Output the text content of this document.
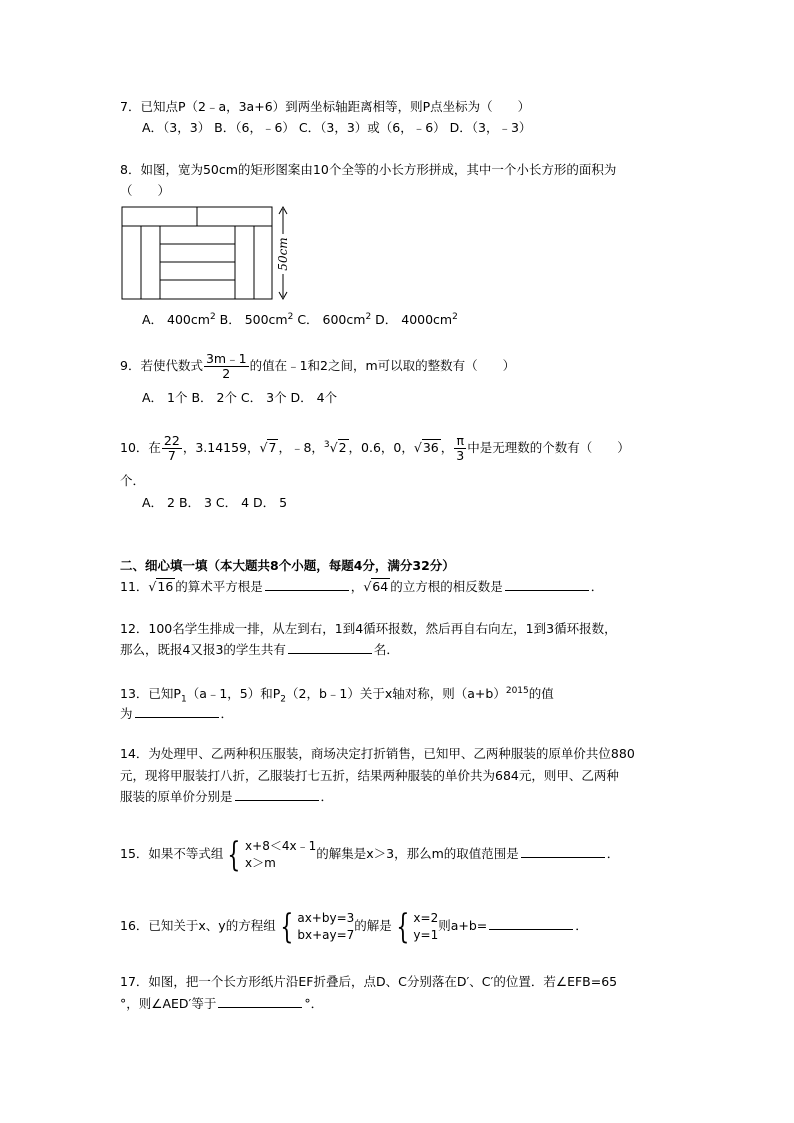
7．已知点P（2﹣a，3a+6）到两坐标轴距离相等，则P点坐标为（　　）
A．（3，3） B．（6，﹣6） C．（3，3）或（6，﹣6） D．（3，﹣3）
8．如图，宽为50cm的矩形图案由10个全等的小长方形拼成，其中一个小长方形的面积为
（　　）
50cm
A． $400cm^2$ B． $500cm^2$ C． $600cm^2$ D． $4000cm^2$
9．若使代数式 $\frac{3m﹣1}{2}$ 的值在﹣1和2之间，m可以取的整数有（　　）
A． 1个 B． 2个 C． 3个 D． 4个
10．在 $\frac{22}{7}$ ，3.14159，√7 ，﹣8，$^3$√2 ，0.6，0，√36 ， $\frac{\pi}{3}$ 中是无理数的个数有（　　）
个．
A． 2 B． 3 C． 4 D． 5
二、细心填一填（本大题共8个小题，每题4分，满分32分）
11．√16 的算术平方根是	，√64 的立方根的相反数是	．
12．100名学生排成一排，从左到右，1到4循环报数，然后再自右向左，1到3循环报数，
那么，既报4又报3的学生共有	名．
13．已知$P_1(a﹣1$，5）和$P_2(2$，b﹣1）关于x轴对称，则$(a+b)^{2015}$的值
为	．
14．为处理甲、乙两种积压服装，商场决定打折销售，已知甲、乙两种服装的原单价共位880
元，现将甲服装打八折，乙服装打七五折，结果两种服装的单价共为684元，则甲、乙两种
服装的原单价分别是	．
15．如果不等式组 { x+8＜4x﹣1
x＞m
的解集是x＞3，那么m的取值范围是	．
16．已知关于x、y的方程组 { ax+by=3
bx+ay=7
的解是 { x=2
y=1
则a+b=	．
17．如图，把一个长方形纸片沿EF折叠后，点D、C分别落在D′、C′的位置．若∠EFB=65
°，则∠AED′等于	°．
